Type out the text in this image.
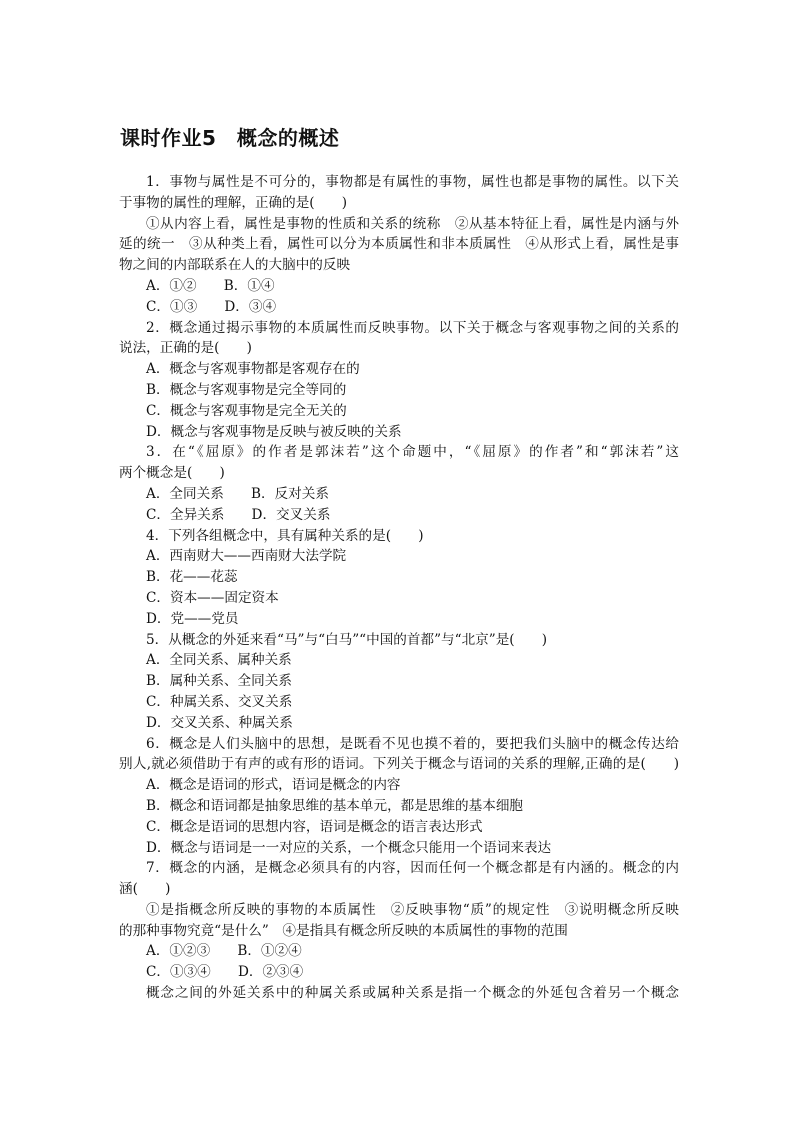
课时作业5　概念的概述
1．事物与属性是不可分的，事物都是有属性的事物，属性也都是事物的属性。以下关
于事物的属性的理解，正确的是(　　)
①从内容上看，属性是事物的性质和关系的统称　②从基本特征上看，属性是内涵与外
延的统一　③从种类上看，属性可以分为本质属性和非本质属性　④从形式上看，属性是事
物之间的内部联系在人的大脑中的反映
A．①②　　B．①④
C．①③　　D．③④
2．概念通过揭示事物的本质属性而反映事物。以下关于概念与客观事物之间的关系的
说法，正确的是(　　)
A．概念与客观事物都是客观存在的
B．概念与客观事物是完全等同的
C．概念与客观事物是完全无关的
D．概念与客观事物是反映与被反映的关系
3．在“《屈原》的作者是郭沫若”这个命题中，“《屈原》的作者”和“郭沫若”这
两个概念是(　　)
A．全同关系　　B．反对关系
C．全异关系　　D．交叉关系
4．下列各组概念中，具有属种关系的是(　　)
A．西南财大——西南财大法学院
B．花——花蕊
C．资本——固定资本
D．党——党员
5．从概念的外延来看“马”与“白马”“中国的首都”与“北京”是(　　)
A．全同关系、属种关系
B．属种关系、全同关系
C．种属关系、交叉关系
D．交叉关系、种属关系
6．概念是人们头脑中的思想，是既看不见也摸不着的，要把我们头脑中的概念传达给
别人,就必须借助于有声的或有形的语词。下列关于概念与语词的关系的理解,正确的是(　　)
A．概念是语词的形式，语词是概念的内容
B．概念和语词都是抽象思维的基本单元，都是思维的基本细胞
C．概念是语词的思想内容，语词是概念的语言表达形式
D．概念与语词是一一对应的关系，一个概念只能用一个语词来表达
7．概念的内涵，是概念必须具有的内容，因而任何一个概念都是有内涵的。概念的内
涵(　　)
①是指概念所反映的事物的本质属性　②反映事物“质”的规定性　③说明概念所反映
的那种事物究竟“是什么”　④是指具有概念所反映的本质属性的事物的范围
A．①②③　　B．①②④
C．①③④　　D．②③④
概念之间的外延关系中的种属关系或属种关系是指一个概念的外延包含着另一个概念
